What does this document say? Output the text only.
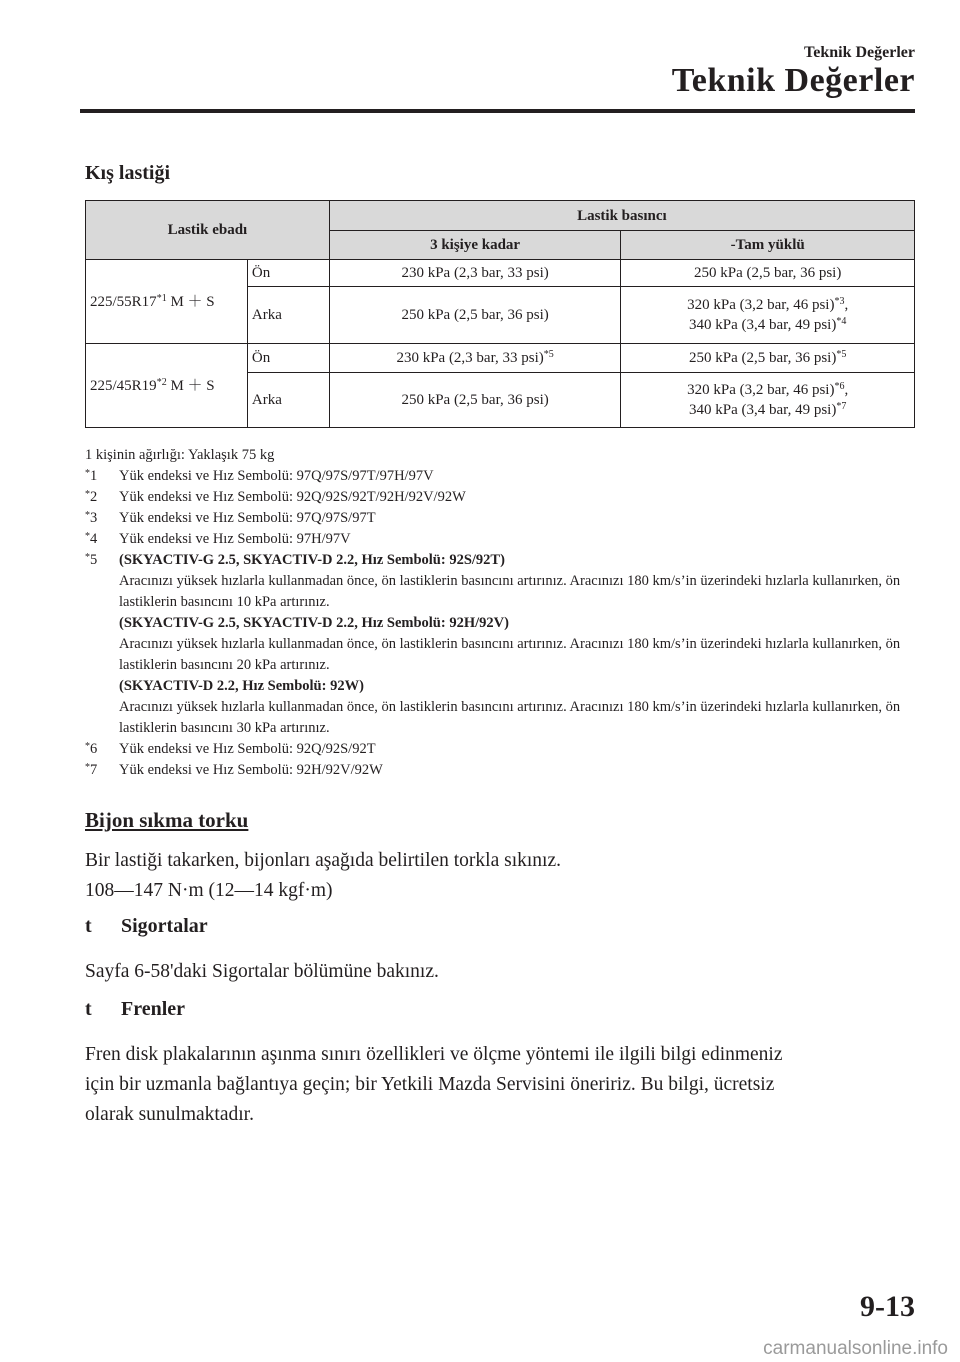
Teknik Değerler
Teknik Değerler
Kış lastiği
Lastik ebadı		Lastik basıncı	
		3 kişiye kadar	-Tam yüklü
225/55R17$^{*1}$ M ＋ S	Ön	230 kPa (2,3 bar, 33 psi)	250 kPa (2,5 bar, 36 psi)
	Arka	250 kPa (2,5 bar, 36 psi)	320 kPa (3,2 bar, 46 psi)$^{*3}$,
340 kPa (3,4 bar, 49 psi)$^{*4}$

225/45R19$^{*2}$ M ＋ S	Ön	230 kPa (2,3 bar, 33 psi)$^{*5}$	250 kPa (2,5 bar, 36 psi)$^{*5}$
	Arka	250 kPa (2,5 bar, 36 psi)	320 kPa (3,2 bar, 46 psi)$^{*6}$,
340 kPa (3,4 bar, 49 psi)$^{*7}$
1 kişinin ağırlığı: Yaklaşık 75 kg
*1 Yük endeksi ve Hız Sembolü: 97Q/97S/97T/97H/97V
*2 Yük endeksi ve Hız Sembolü: 92Q/92S/92T/92H/92V/92W
*3 Yük endeksi ve Hız Sembolü: 97Q/97S/97T
*4 Yük endeksi ve Hız Sembolü: 97H/97V
*5 (SKYACTIV-G 2.5, SKYACTIV-D 2.2, Hız Sembolü: 92S/92T)
Aracınızı yüksek hızlarla kullanmadan önce, ön lastiklerin basıncını artırınız. Aracınızı 180 km/s’in üzerindeki hızlarla kullanırken, ön lastiklerin basıncını 10 kPa artırınız.
(SKYACTIV-G 2.5, SKYACTIV-D 2.2, Hız Sembolü: 92H/92V)
Aracınızı yüksek hızlarla kullanmadan önce, ön lastiklerin basıncını artırınız. Aracınızı 180 km/s’in üzerindeki hızlarla kullanırken, ön lastiklerin basıncını 20 kPa artırınız.
(SKYACTIV-D 2.2, Hız Sembolü: 92W)
Aracınızı yüksek hızlarla kullanmadan önce, ön lastiklerin basıncını artırınız. Aracınızı 180 km/s’in üzerindeki hızlarla kullanırken, ön lastiklerin basıncını 30 kPa artırınız.
*6 Yük endeksi ve Hız Sembolü: 92Q/92S/92T
*7 Yük endeksi ve Hız Sembolü: 92H/92V/92W
Bijon sıkma torku
Bir lastiği takarken, bijonları aşağıda belirtilen torkla sıkınız.
108―147 N·m (12―14 kgf·m)
t Sigortalar
Sayfa 6-58'daki Sigortalar bölümüne bakınız.
t Frenler
Fren disk plakalarının aşınma sınırı özellikleri ve ölçme yöntemi ile ilgili bilgi edinmeniz
için bir uzmanla bağlantıya geçin; bir Yetkili Mazda Servisini öneririz. Bu bilgi, ücretsiz
olarak sunulmaktadır.
9-13
carmanualsonline.info
